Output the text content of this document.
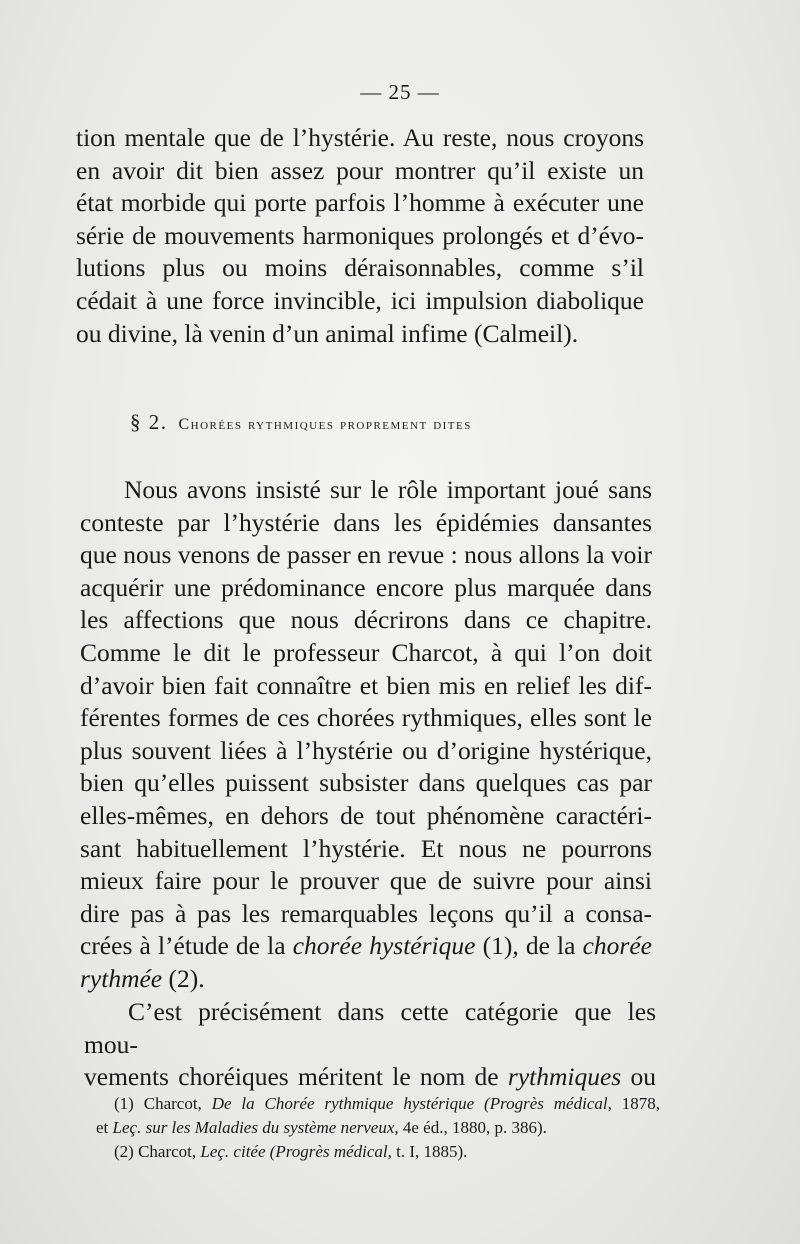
— 25 —
tion mentale que de l’hystérie. Au reste, nous croyons
en avoir dit bien assez pour montrer qu’il existe un
état morbide qui porte parfois l’homme à exécuter une
série de mouvements harmoniques prolongés et d’évo-
lutions plus ou moins déraisonnables, comme s’il
cédait à une force invincible, ici impulsion diabolique
ou divine, là venin d’un animal infime (Calmeil).
§ 2. Chorées rythmiques proprement dites
Nous avons insisté sur le rôle important joué sans
conteste par l’hystérie dans les épidémies dansantes
que nous venons de passer en revue : nous allons la voir
acquérir une prédominance encore plus marquée dans
les affections que nous décrirons dans ce chapitre.
Comme le dit le professeur Charcot, à qui l’on doit
d’avoir bien fait connaître et bien mis en relief les dif-
férentes formes de ces chorées rythmiques, elles sont le
plus souvent liées à l’hystérie ou d’origine hystérique,
bien qu’elles puissent subsister dans quelques cas par
elles-mêmes, en dehors de tout phénomène caractéri-
sant habituellement l’hystérie. Et nous ne pourrons
mieux faire pour le prouver que de suivre pour ainsi
dire pas à pas les remarquables leçons qu’il a consa-
crées à l’étude de la chorée hystérique (1), de la chorée
rythmée (2).
C’est précisément dans cette catégorie que les mou-
vements choréiques méritent le nom de rythmiques ou
(1) Charcot, De la Chorée rythmique hystérique (Progrès médical, 1878,
et Leç. sur les Maladies du système nerveux, 4e éd., 1880, p. 386).
(2) Charcot, Leç. citée (Progrès médical, t. I, 1885).
